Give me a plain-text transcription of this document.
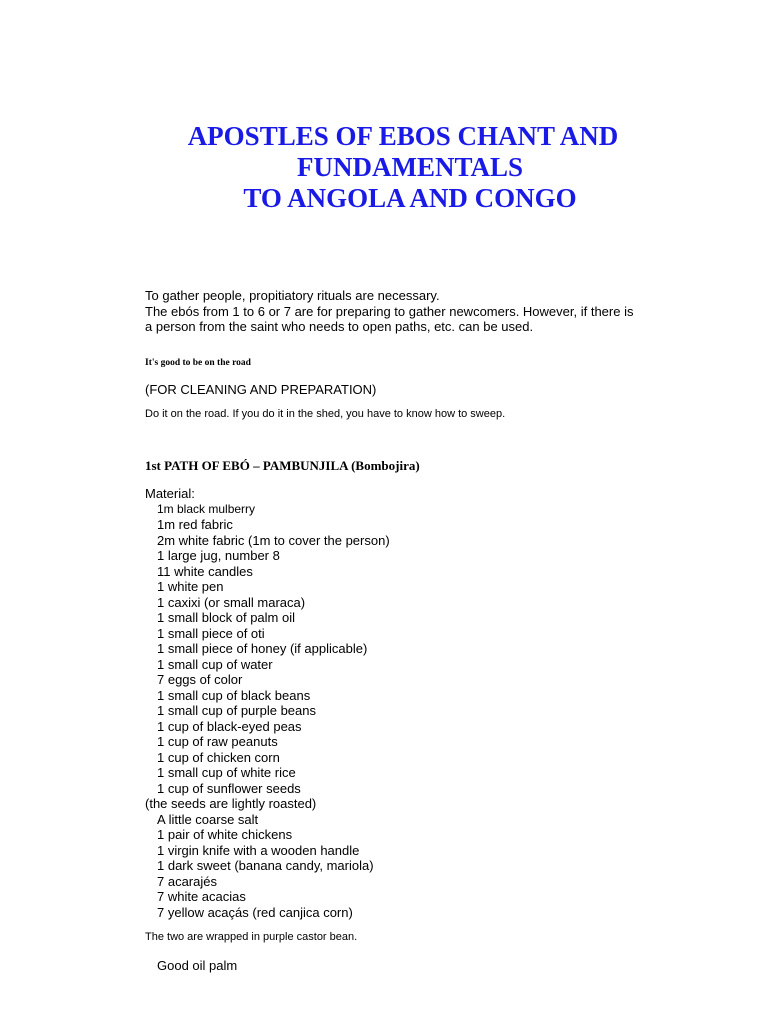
APOSTLES OF EBOS CHANT AND
FUNDAMENTALS
TO ANGOLA AND CONGO

To gather people, propitiatory rituals are necessary.

The ebós from 1 to 6 or 7 are for preparing to gather newcomers. However, if there is

a person from the saint who needs to open paths, etc. can be used.

It's good to be on the road

(FOR CLEANING AND PREPARATION)

Do it on the road. If you do it in the shed, you have to know how to sweep.

1st PATH OF EBÓ – PAMBUNJILA (Bombojira)

Material:

1m black mulberry
1m red fabric
2m white fabric (1m to cover the person)
1 large jug, number 8
11 white candles
1 white pen
1 caxixi (or small maraca)
1 small block of palm oil
1 small piece of oti
1 small piece of honey (if applicable)
1 small cup of water
7 eggs of color
1 small cup of black beans
1 small cup of purple beans
1 cup of black-eyed peas
1 cup of raw peanuts
1 cup of chicken corn
1 small cup of white rice
1 cup of sunflower seeds

(the seeds are lightly roasted)

A little coarse salt
1 pair of white chickens
1 virgin knife with a wooden handle
1 dark sweet (banana candy, mariola)
7 acarajés
7 white acacias
7 yellow acaçás (red canjica corn)

The two are wrapped in purple castor bean.

Good oil palm
